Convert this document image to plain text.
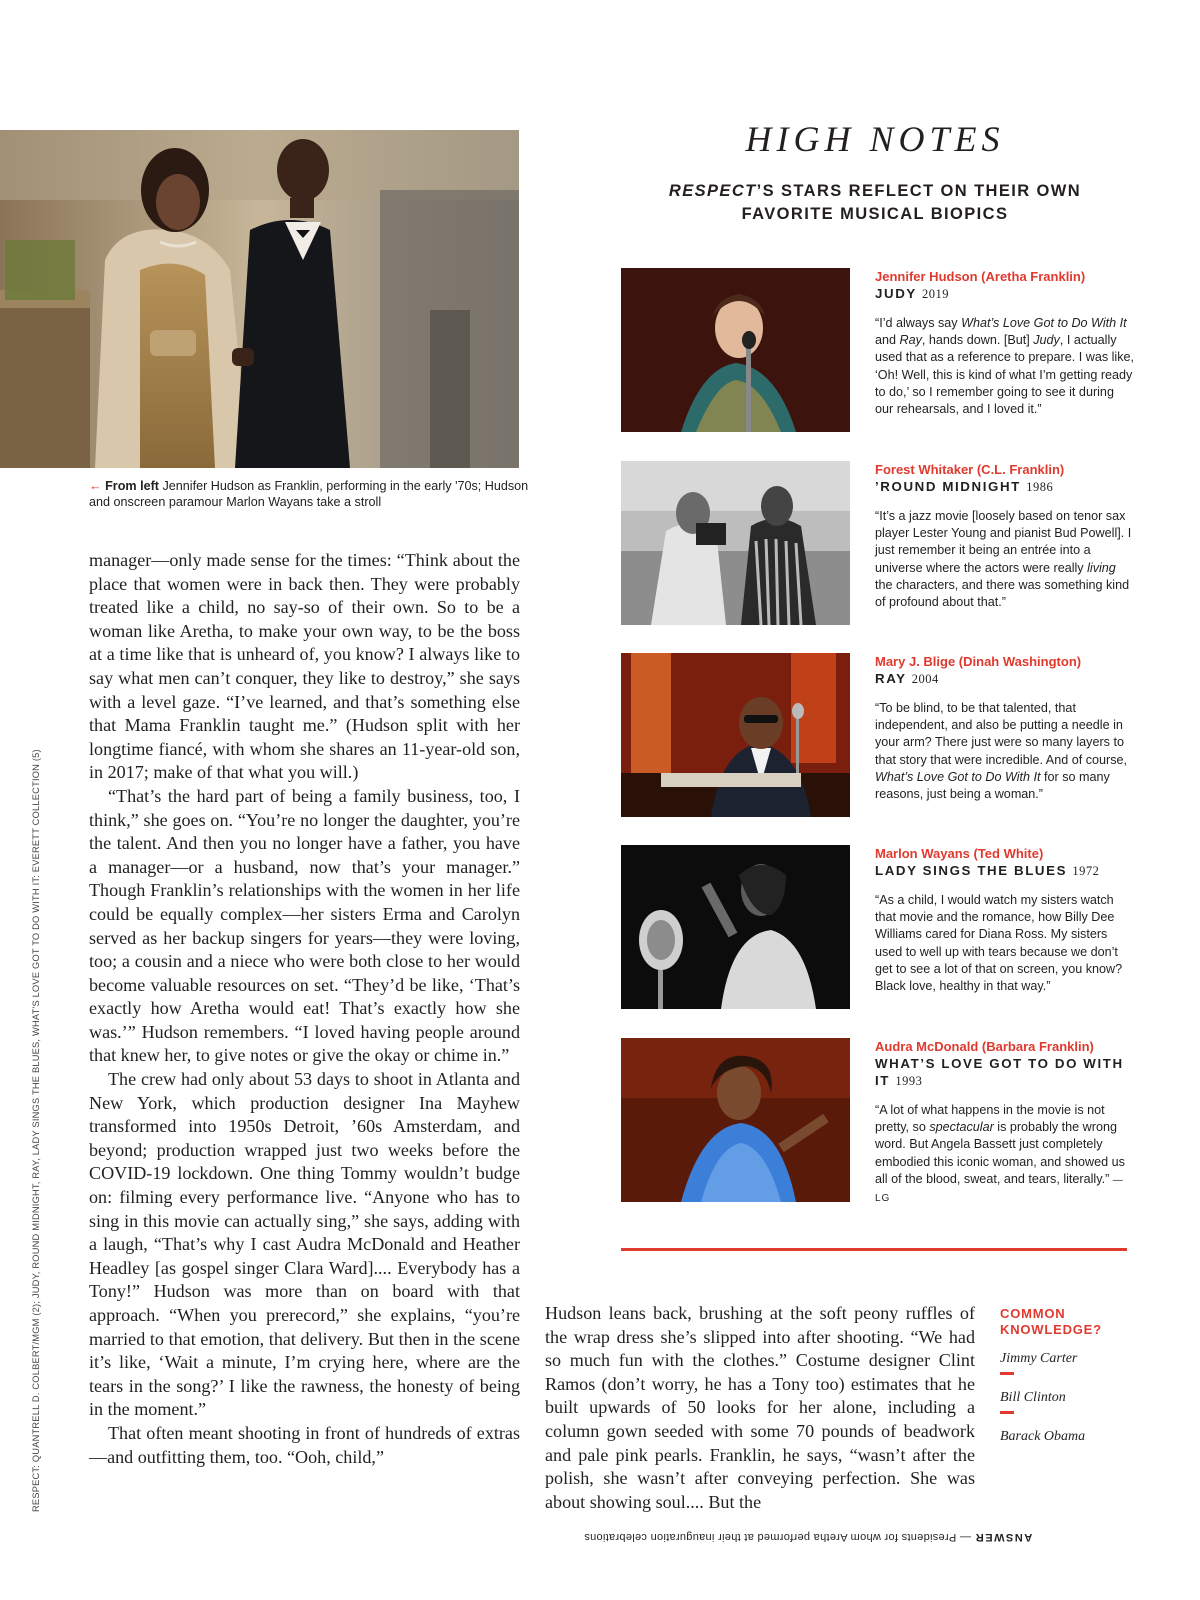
RESPECT: QUANTRELL D. COLBERT/MGM (2); JUDY, ROUND MIDNIGHT, RAY, LADY SINGS THE BLUES, WHAT'S LOVE GOT TO DO WITH IT: EVERETT COLLECTION (5)
← From left Jennifer Hudson as Franklin, performing in the early '70s; Hudson and onscreen paramour Marlon Wayans take a stroll

manager—only made sense for the times: “Think about the place that women were in back then. They were probably treated like a child, no say-so of their own. So to be a woman like Aretha, to make your own way, to be the boss at a time like that is unheard of, you know? I always like to say what men can’t conquer, they like to destroy,” she says with a level gaze. “I’ve learned, and that’s something else that Mama Franklin taught me.” (Hudson split with her longtime fiancé, with whom she shares an 11-year-old son, in 2017; make of that what you will.)

“That’s the hard part of being a family business, too, I think,” she goes on. “You’re no longer the daughter, you’re the talent. And then you no longer have a father, you have a manager—or a husband, now that’s your manager.” Though Franklin’s relationships with the women in her life could be equally complex—her sisters Erma and Carolyn served as her backup singers for years—they were loving, too; a cousin and a niece who were both close to her would become valuable resources on set. “They’d be like, ‘That’s exactly how Aretha would eat! That’s exactly how she was.’” Hudson remembers. “I loved having people around that knew her, to give notes or give the okay or chime in.”

The crew had only about 53 days to shoot in Atlanta and New York, which production designer Ina Mayhew transformed into 1950s Detroit, ’60s Amsterdam, and beyond; production wrapped just two weeks before the COVID-19 lockdown. One thing Tommy wouldn’t budge on: filming every performance live. “Anyone who has to sing in this movie can actually sing,” she says, adding with a laugh, “That’s why I cast Audra McDonald and Heather Headley [as gospel singer Clara Ward].... Everybody has a Tony!” Hudson was more than on board with that approach. “When you prerecord,” she explains, “you’re married to that emotion, that delivery. But then in the scene it’s like, ‘Wait a minute, I’m crying here, where are the tears in the song?’ I like the rawness, the honesty of being in the moment.”

That often meant shooting in front of hundreds of extras—and outfitting them, too. “Ooh, child,”

HIGH NOTES
RESPECT’S STARS REFLECT ON THEIR OWN FAVORITE MUSICAL BIOPICS
Jennifer Hudson (Aretha Franklin)
JUDY 2019
“I’d always say What’s Love Got to Do With It and Ray, hands down. [But] Judy, I actually used that as a reference to prepare. I was like, ‘Oh! Well, this is kind of what I’m getting ready to do,’ so I remember going to see it during our rehearsals, and I loved it.”
Forest Whitaker (C.L. Franklin)
’ROUND MIDNIGHT 1986
“It’s a jazz movie [loosely based on tenor sax player Lester Young and pianist Bud Powell]. I just remember it being an entrée into a universe where the actors were really living the characters, and there was something kind of profound about that.”
Mary J. Blige (Dinah Washington)
RAY 2004
“To be blind, to be that talented, that independent, and also be putting a needle in your arm? There just were so many layers to that story that were incredible. And of course, What’s Love Got to Do With It for so many reasons, just being a woman.”
Marlon Wayans (Ted White)
LADY SINGS THE BLUES 1972
“As a child, I would watch my sisters watch that movie and the romance, how Billy Dee Williams cared for Diana Ross. My sisters used to well up with tears because we don’t get to see a lot of that on screen, you know? Black love, healthy in that way.”
Audra McDonald (Barbara Franklin)
WHAT’S LOVE GOT TO DO WITH IT 1993
“A lot of what happens in the movie is not pretty, so spectacular is probably the wrong word. But Angela Bassett just completely embodied this iconic woman, and showed us all of the blood, sweat, and tears, literally.” —LG

Hudson leans back, brushing at the soft peony ruffles of the wrap dress she’s slipped into after shooting. “We had so much fun with the clothes.” Costume designer Clint Ramos (don’t worry, he has a Tony too) estimates that he built upwards of 50 looks for her alone, including a column gown seeded with some 70 pounds of beadwork and pale pink pearls. Franklin, he says, “wasn’t after the polish, she wasn’t after conveying perfection. She was about showing soul.... But the

COMMON KNOWLEDGE?
Jimmy Carter
Bill Clinton
Barack Obama
ANSWER — Presidents for whom Aretha performed at their inauguration celebrations
